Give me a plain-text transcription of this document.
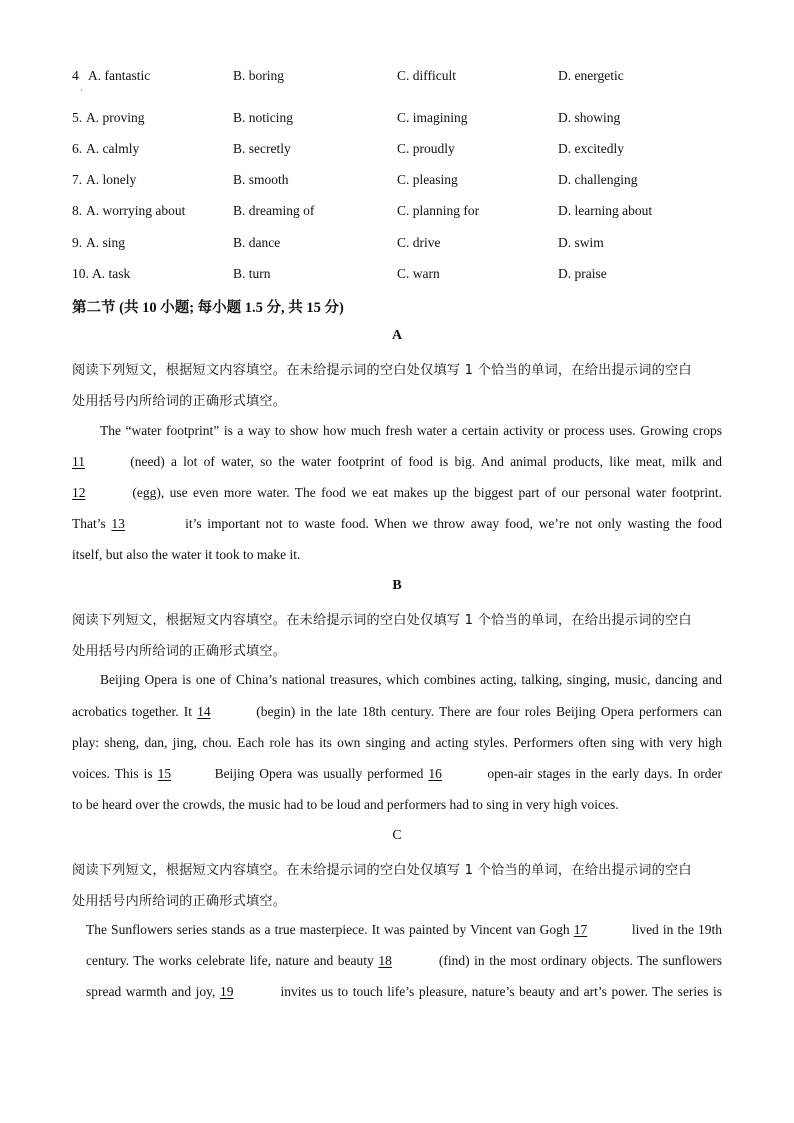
4 A. fantastic	B. boring	C. difficult	D. energetic
·
5. A. proving	B. noticing	C. imagining	D. showing
6. A. calmly	B. secretly	C. proudly	D. excitedly
7. A. lonely	B. smooth	C. pleasing	D. challenging
8. A. worrying about	B. dreaming of	C. planning for	D. learning about
9. A. sing	B. dance	C. drive	D. swim
10. A. task	B. turn	C. warn	D. praise
第二节 (共 10 小题; 每小题 1.5 分, 共 15 分)
A
阅读下列短文，根据短文内容填空。在未给提示词的空白处仅填写 1 个恰当的单词，在给出提示词的空白
处用括号内所给词的正确形式填空。
The “water footprint” is a way to show how much fresh water a certain activity or process uses. Growing crops
11	(need) a lot of water, so the water footprint of food is big. And animal products, like meat, milk and
12	(egg), use even more water. The food we eat makes up the biggest part of our personal water footprint.
That’s 13	it’s important not to waste food. When we throw away food, we’re not only wasting the food
itself, but also the water it took to make it.
B
阅读下列短文，根据短文内容填空。在未给提示词的空白处仅填写 1 个恰当的单词，在给出提示词的空白
处用括号内所给词的正确形式填空。
Beijing Opera is one of China’s national treasures, which combines acting, talking, singing, music, dancing and
acrobatics together. It 14	(begin) in the late 18th century. There are four roles Beijing Opera performers can
play: sheng, dan, jing, chou. Each role has its own singing and acting styles. Performers often sing with very high
voices. This is 15	Beijing Opera was usually performed 16	open-air stages in the early days. In order
to be heard over the crowds, the music had to be loud and performers had to sing in very high voices.
C
阅读下列短文，根据短文内容填空。在未给提示词的空白处仅填写 1 个恰当的单词，在给出提示词的空白
处用括号内所给词的正确形式填空。
The Sunflowers series stands as a true masterpiece. It was painted by Vincent van Gogh 17	lived in the 19th
century. The works celebrate life, nature and beauty 18	(find) in the most ordinary objects. The sunflowers
spread warmth and joy, 19	invites us to touch life’s pleasure, nature’s beauty and art’s power. The series is
